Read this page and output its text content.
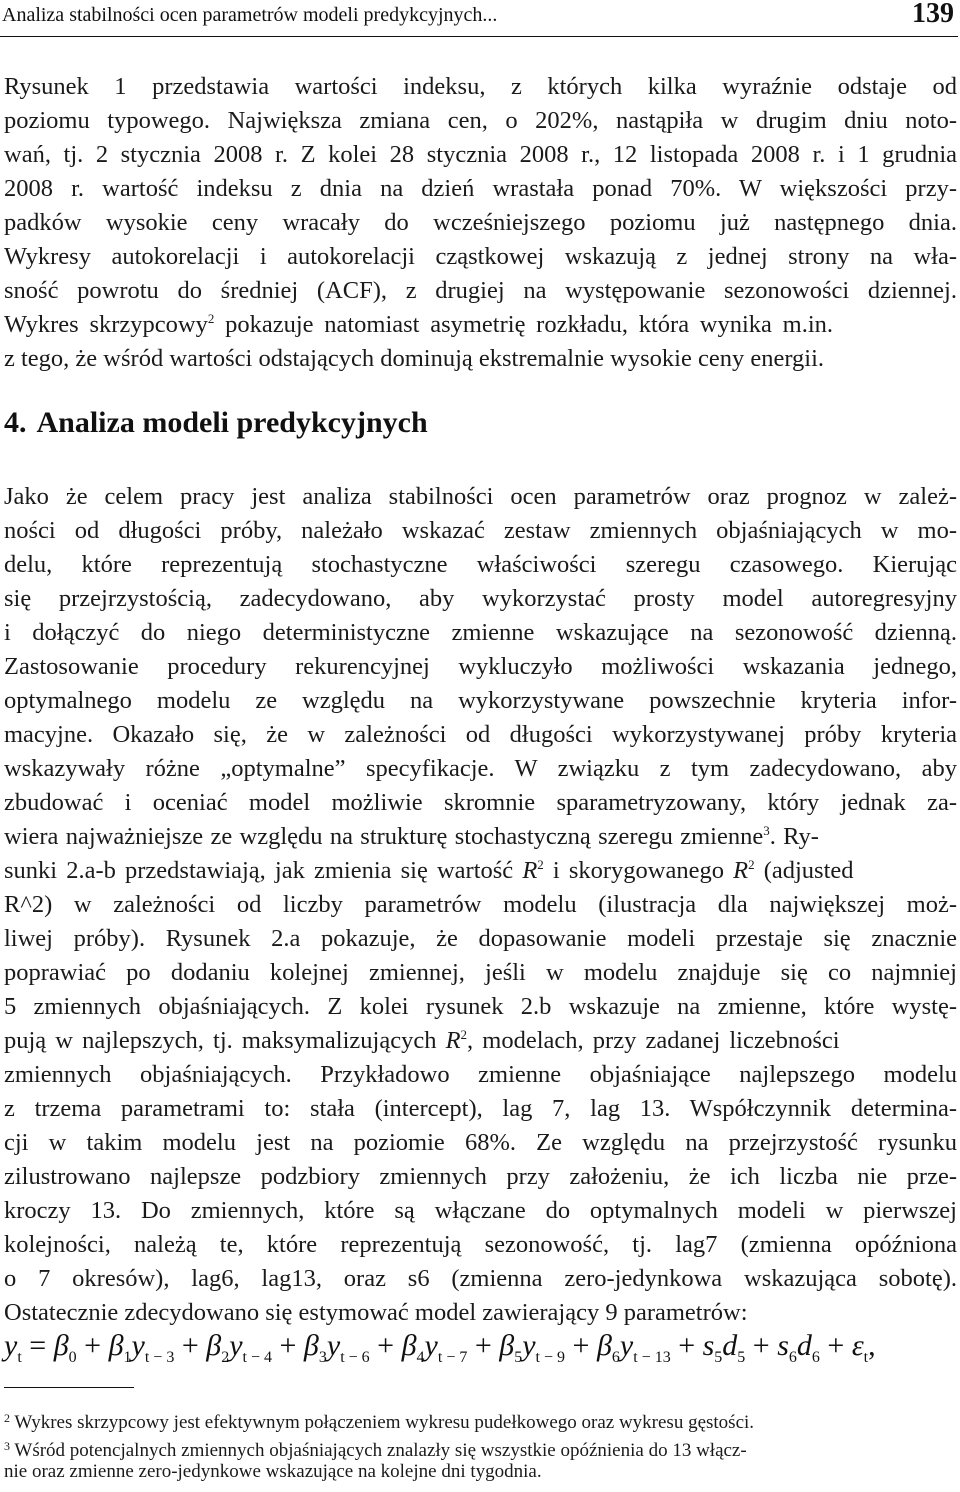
Analiza stabilności ocen parametrów modeli predykcyjnych...	139
Rysunek 1 przedstawia wartości indeksu, z których kilka wyraźnie odstaje od
poziomu typowego. Największa zmiana cen, o 202%, nastąpiła w drugim dniu noto-
wań, tj. 2 stycznia 2008 r. Z kolei 28 stycznia 2008 r., 12 listopada 2008 r. i 1 grudnia
2008 r. wartość indeksu z dnia na dzień wrastała ponad 70%. W większości przy-
padków wysokie ceny wracały do wcześniejszego poziomu już następnego dnia.
Wykresy autokorelacji i autokorelacji cząstkowej wskazują z jednej strony na wła-
sność powrotu do średniej (ACF), z drugiej na występowanie sezonowości dziennej.
Wykres skrzypcowy$^2$ pokazuje natomiast asymetrię rozkładu, która wynika m.in.
z tego, że wśród wartości odstających dominują ekstremalnie wysokie ceny energii.
4. Analiza modeli predykcyjnych
Jako że celem pracy jest analiza stabilności ocen parametrów oraz prognoz w zależ-
ności od długości próby, należało wskazać zestaw zmiennych objaśniających w mo-
delu, które reprezentują stochastyczne właściwości szeregu czasowego. Kierując
się przejrzystością, zadecydowano, aby wykorzystać prosty model autoregresyjny
i dołączyć do niego deterministyczne zmienne wskazujące na sezonowość dzienną.
Zastosowanie procedury rekurencyjnej wykluczyło możliwości wskazania jednego,
optymalnego modelu ze względu na wykorzystywane powszechnie kryteria infor-
macyjne. Okazało się, że w zależności od długości wykorzystywanej próby kryteria
wskazywały różne „optymalne” specyfikacje. W związku z tym zadecydowano, aby
zbudować i oceniać model możliwie skromnie sparametryzowany, który jednak za-
wiera najważniejsze ze względu na strukturę stochastyczną szeregu zmienne$^3$. Ry-
sunki 2.a-b przedstawiają, jak zmienia się wartość $R^2$ i skorygowanego $R^2$ (adjusted
R^2) w zależności od liczby parametrów modelu (ilustracja dla największej moż-
liwej próby). Rysunek 2.a pokazuje, że dopasowanie modeli przestaje się znacznie
poprawiać po dodaniu kolejnej zmiennej, jeśli w modelu znajduje się co najmniej
5 zmiennych objaśniających. Z kolei rysunek 2.b wskazuje na zmienne, które wystę-
pują w najlepszych, tj. maksymalizujących $R^2$, modelach, przy zadanej liczebności
zmiennych objaśniających. Przykładowo zmienne objaśniające najlepszego modelu
z trzema parametrami to: stała (intercept), lag 7, lag 13. Współczynnik determina-
cji w takim modelu jest na poziomie 68%. Ze względu na przejrzystość rysunku
zilustrowano najlepsze podzbiory zmiennych przy założeniu, że ich liczba nie prze-
kroczy 13. Do zmiennych, które są włączane do optymalnych modeli w pierwszej
kolejności, należą te, które reprezentują sezonowość, tj. lag7 (zmienna opóźniona
o 7 okresów), lag6, lag13, oraz s6 (zmienna zero-jedynkowa wskazująca sobotę).
Ostatecznie zdecydowano się estymować model zawierający 9 parametrów:
$y_t = \beta_0 + \beta_1y_{t - 3} + \beta_2y_{t - 4} + \beta_3y_{t - 6} + \beta_4y_{t - 7} + \beta_5y_{t - 9} + \beta_6y_{t - 13} + s_5d_5 + s_6d_6 + \varepsilon_t$,
$^2$ Wykres skrzypcowy jest efektywnym połączeniem wykresu pudełkowego oraz wykresu gęstości.
$^3$ Wśród potencjalnych zmiennych objaśniających znalazły się wszystkie opóźnienia do 13 włącz-
nie oraz zmienne zero-jedynkowe wskazujące na kolejne dni tygodnia.
